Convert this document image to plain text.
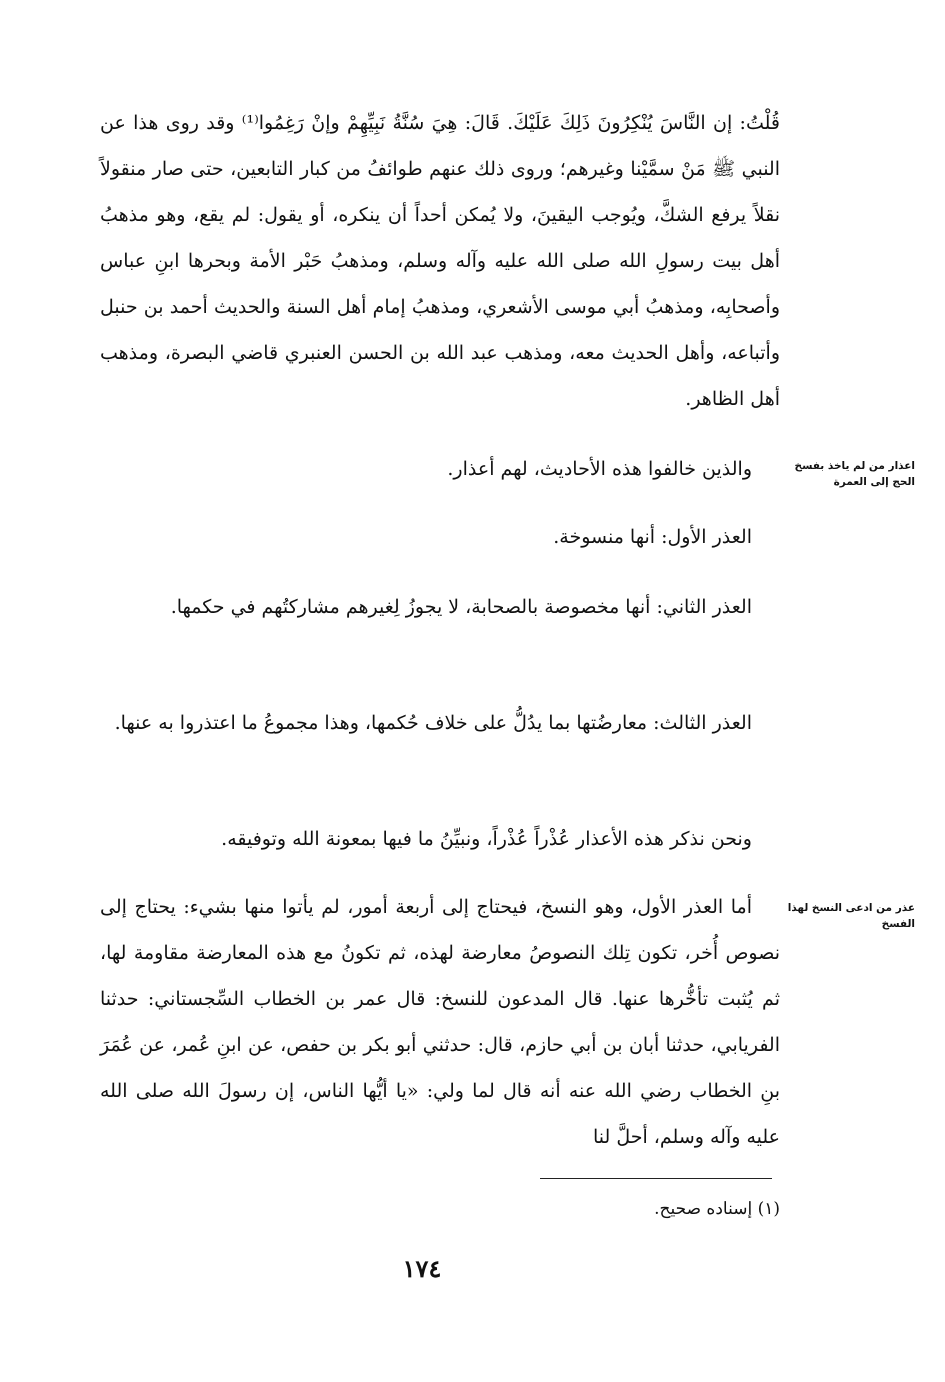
قُلْتُ: إن النَّاسَ يُنْكِرُونَ ذَلِكَ عَلَيْكَ. قَالَ: هِيَ سُنَّةُ نَبِيِّهِمْ وإنْ رَغِمُوا⁽¹⁾ وقد روى هذا عن النبي ﷺ مَنْ سمَّيْنا وغيرهم؛ وروى ذلك عنهم طوائفُ من كبار التابعين، حتى صار منقولاً نقلاً يرفع الشكَّ، ويُوجب اليقينَ، ولا يُمكن أحداً أن ينكره، أو يقول: لم يقع، وهو مذهبُ أهل بيت رسولِ الله صلى الله عليه وآله وسلم، ومذهبُ حَبْر الأمة وبحرها ابنِ عباس وأصحابِه، ومذهبُ أبي موسى الأشعري، ومذهبُ إمام أهل السنة والحديث أحمد بن حنبل وأتباعه، وأهل الحديث معه، ومذهب عبد الله بن الحسن العنبري قاضي البصرة، ومذهب أهل الظاهر.

اعذار من لم ياخذ بفسخ الحج إلى العمرة

والذين خالفوا هذه الأحاديث، لهم أعذار.

العذر الأول: أنها منسوخة.

العذر الثاني: أنها مخصوصة بالصحابة، لا يجوزُ لِغيرهم مشاركتُهم في حكمها.

العذر الثالث: معارضُتها بما يدُلُّ على خلاف حُكمها، وهذا مجموعُ ما اعتذروا به عنها.

ونحن نذكر هذه الأعذار عُذْراً عُذْراً، ونبيِّنُ ما فيها بمعونة الله وتوفيقه.

عذر من ادعى النسخ لهذا الفسخ

أما العذر الأول، وهو النسخ، فيحتاج إلى أربعة أمور، لم يأتوا منها بشيء: يحتاج إلى نصوص أُخر، تكون تِلك النصوصُ معارضة لهذه، ثم تكونُ مع هذه المعارضة مقاومة لها، ثم يُثبت تأخُّرها عنها. قال المدعون للنسخ: قال عمر بن الخطاب السِّجستاني: حدثنا الفريابي، حدثنا أبان بن أبي حازم، قال: حدثني أبو بكر بن حفص، عن ابنِ عُمر، عن عُمَرَ بنِ الخطاب رضي الله عنه أنه قال لما ولي: «يا أيُّها الناس، إن رسولَ الله صلى الله عليه وآله وسلم، أحلَّ لنا

(١) إسناده صحيح.
١٧٤
